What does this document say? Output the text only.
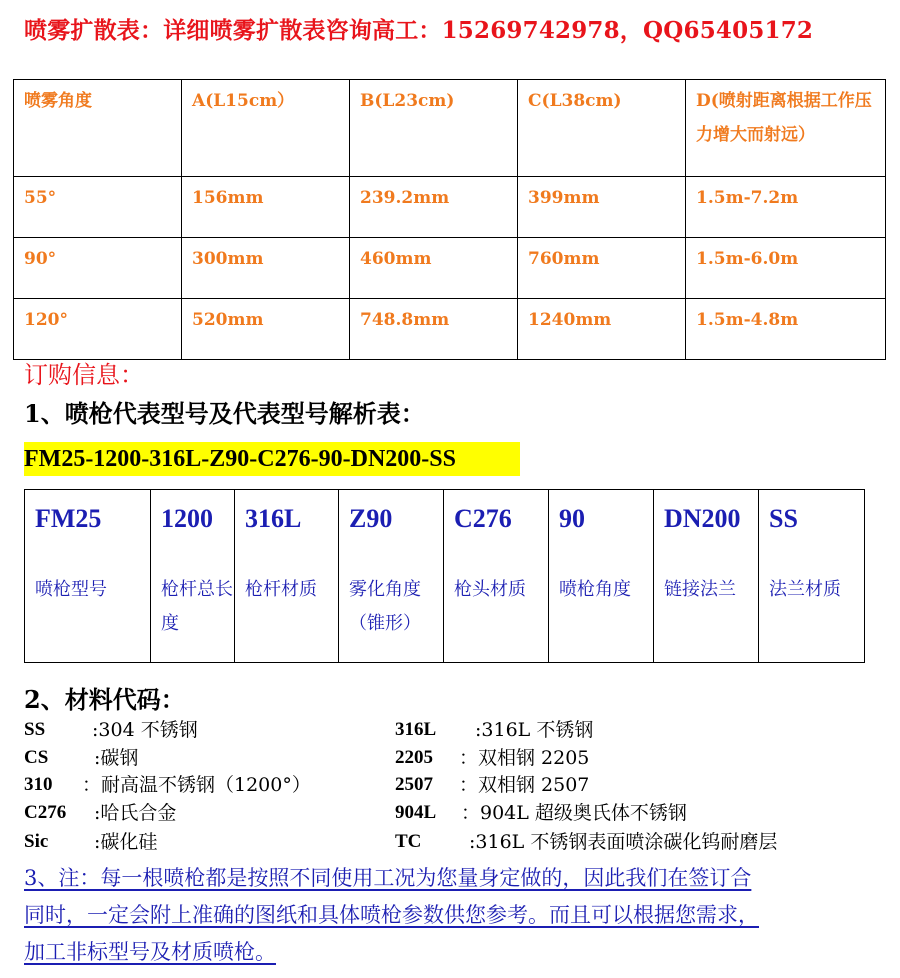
喷雾扩散表：详细喷雾扩散表咨询高工：15269742978，QQ65405172
喷雾角度	A(L15cm）	B(L23cm)	C(L38cm)	D(喷射距离根据工作压力增大而射远）
55°	156mm	239.2mm	399mm	1.5m-7.2m
90°	300mm	460mm	760mm	1.5m-6.0m
120°	520mm	748.8mm	1240mm	1.5m-4.8m
订购信息：
1、喷枪代表型号及代表型号解析表：
FM25-1200-316L-Z90-C276-90-DN200-SS
FM25	1200	316L	Z90	C276	90	DN200	SS
喷枪型号	枪杆总长度	枪杆材质	雾化角度（锥形）	枪头材质	喷枪角度	链接法兰	法兰材质
2、材料代码：
SS :304 不锈钢
CS :碳钢
310 ：耐高温不锈钢（1200°）
C276 :哈氏合金
Sic :碳化硅
316L :316L 不锈钢
2205 ：双相钢 2205
2507 ：双相钢 2507
904L ：904L 超级奥氏体不锈钢
TC	:316L 不锈钢表面喷涂碳化钨耐磨层
3、注：每一根喷枪都是按照不同使用工况为您量身定做的，因此我们在签订合
同时，一定会附上准确的图纸和具体喷枪参数供您参考。而且可以根据您需求，
加工非标型号及材质喷枪。
